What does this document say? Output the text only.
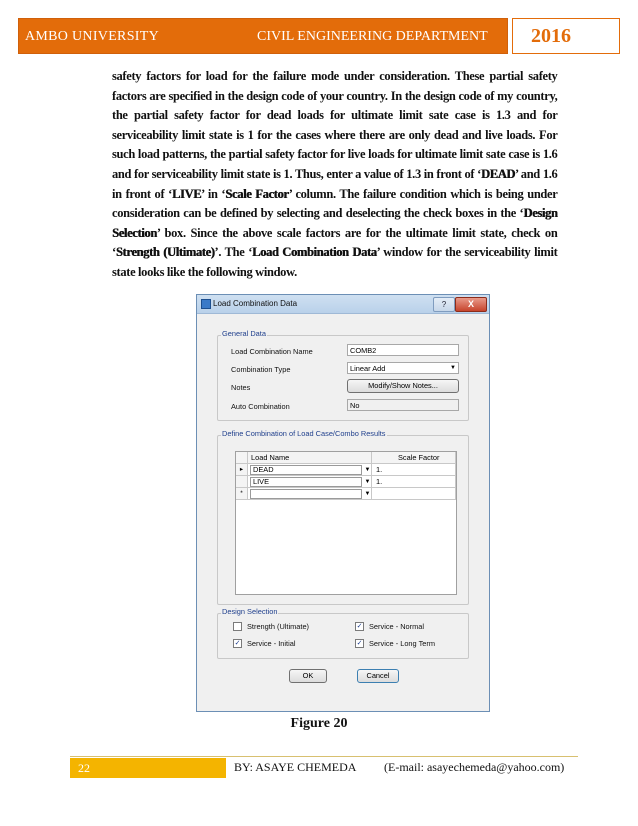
AMBO UNIVERSITY	CIVIL ENGINEERING DEPARTMENT 2016
safety factors for load for the failure mode under consideration. These partial safety factors are specified in the design code of your country. In the design code of my country, the partial safety factor for dead loads for ultimate limit sate case is 1.3 and for serviceability limit state is 1 for the cases where there are only dead and live loads. For such load patterns, the partial safety factor for live loads for ultimate limit sate case is 1.6 and for serviceability limit state is 1. Thus, enter a value of 1.3 in front of ‘DEAD’ and 1.6 in front of ‘LIVE’ in ‘Scale Factor’ column. The failure condition which is being under consideration can be defined by selecting and deselecting the check boxes in the ‘Design Selection’ box. Since the above scale factors are for the ultimate limit state, check on ‘Strength (Ultimate)’. The ‘Load Combination Data’ window for the serviceability limit state looks like the following window.
Load Combination Data	?	X
General Data
Load Combination Name	COMB2
Combination Type	Linear Add	▼
Notes	Modify/Show Notes...
Auto Combination	No
Define Combination of Load Case/Combo Results
Load Name	Scale Factor
▸	DEAD	▼ 1.
LIVE	▼ 1.
*	▼
Design Selection
Strength (Ultimate)	✓ Service - Normal
✓ Service - Initial	✓ Service - Long Term
OK	Cancel
Figure 20
22	BY: ASAYE CHEMEDA (E-mail: asayechemeda@yahoo.com)
